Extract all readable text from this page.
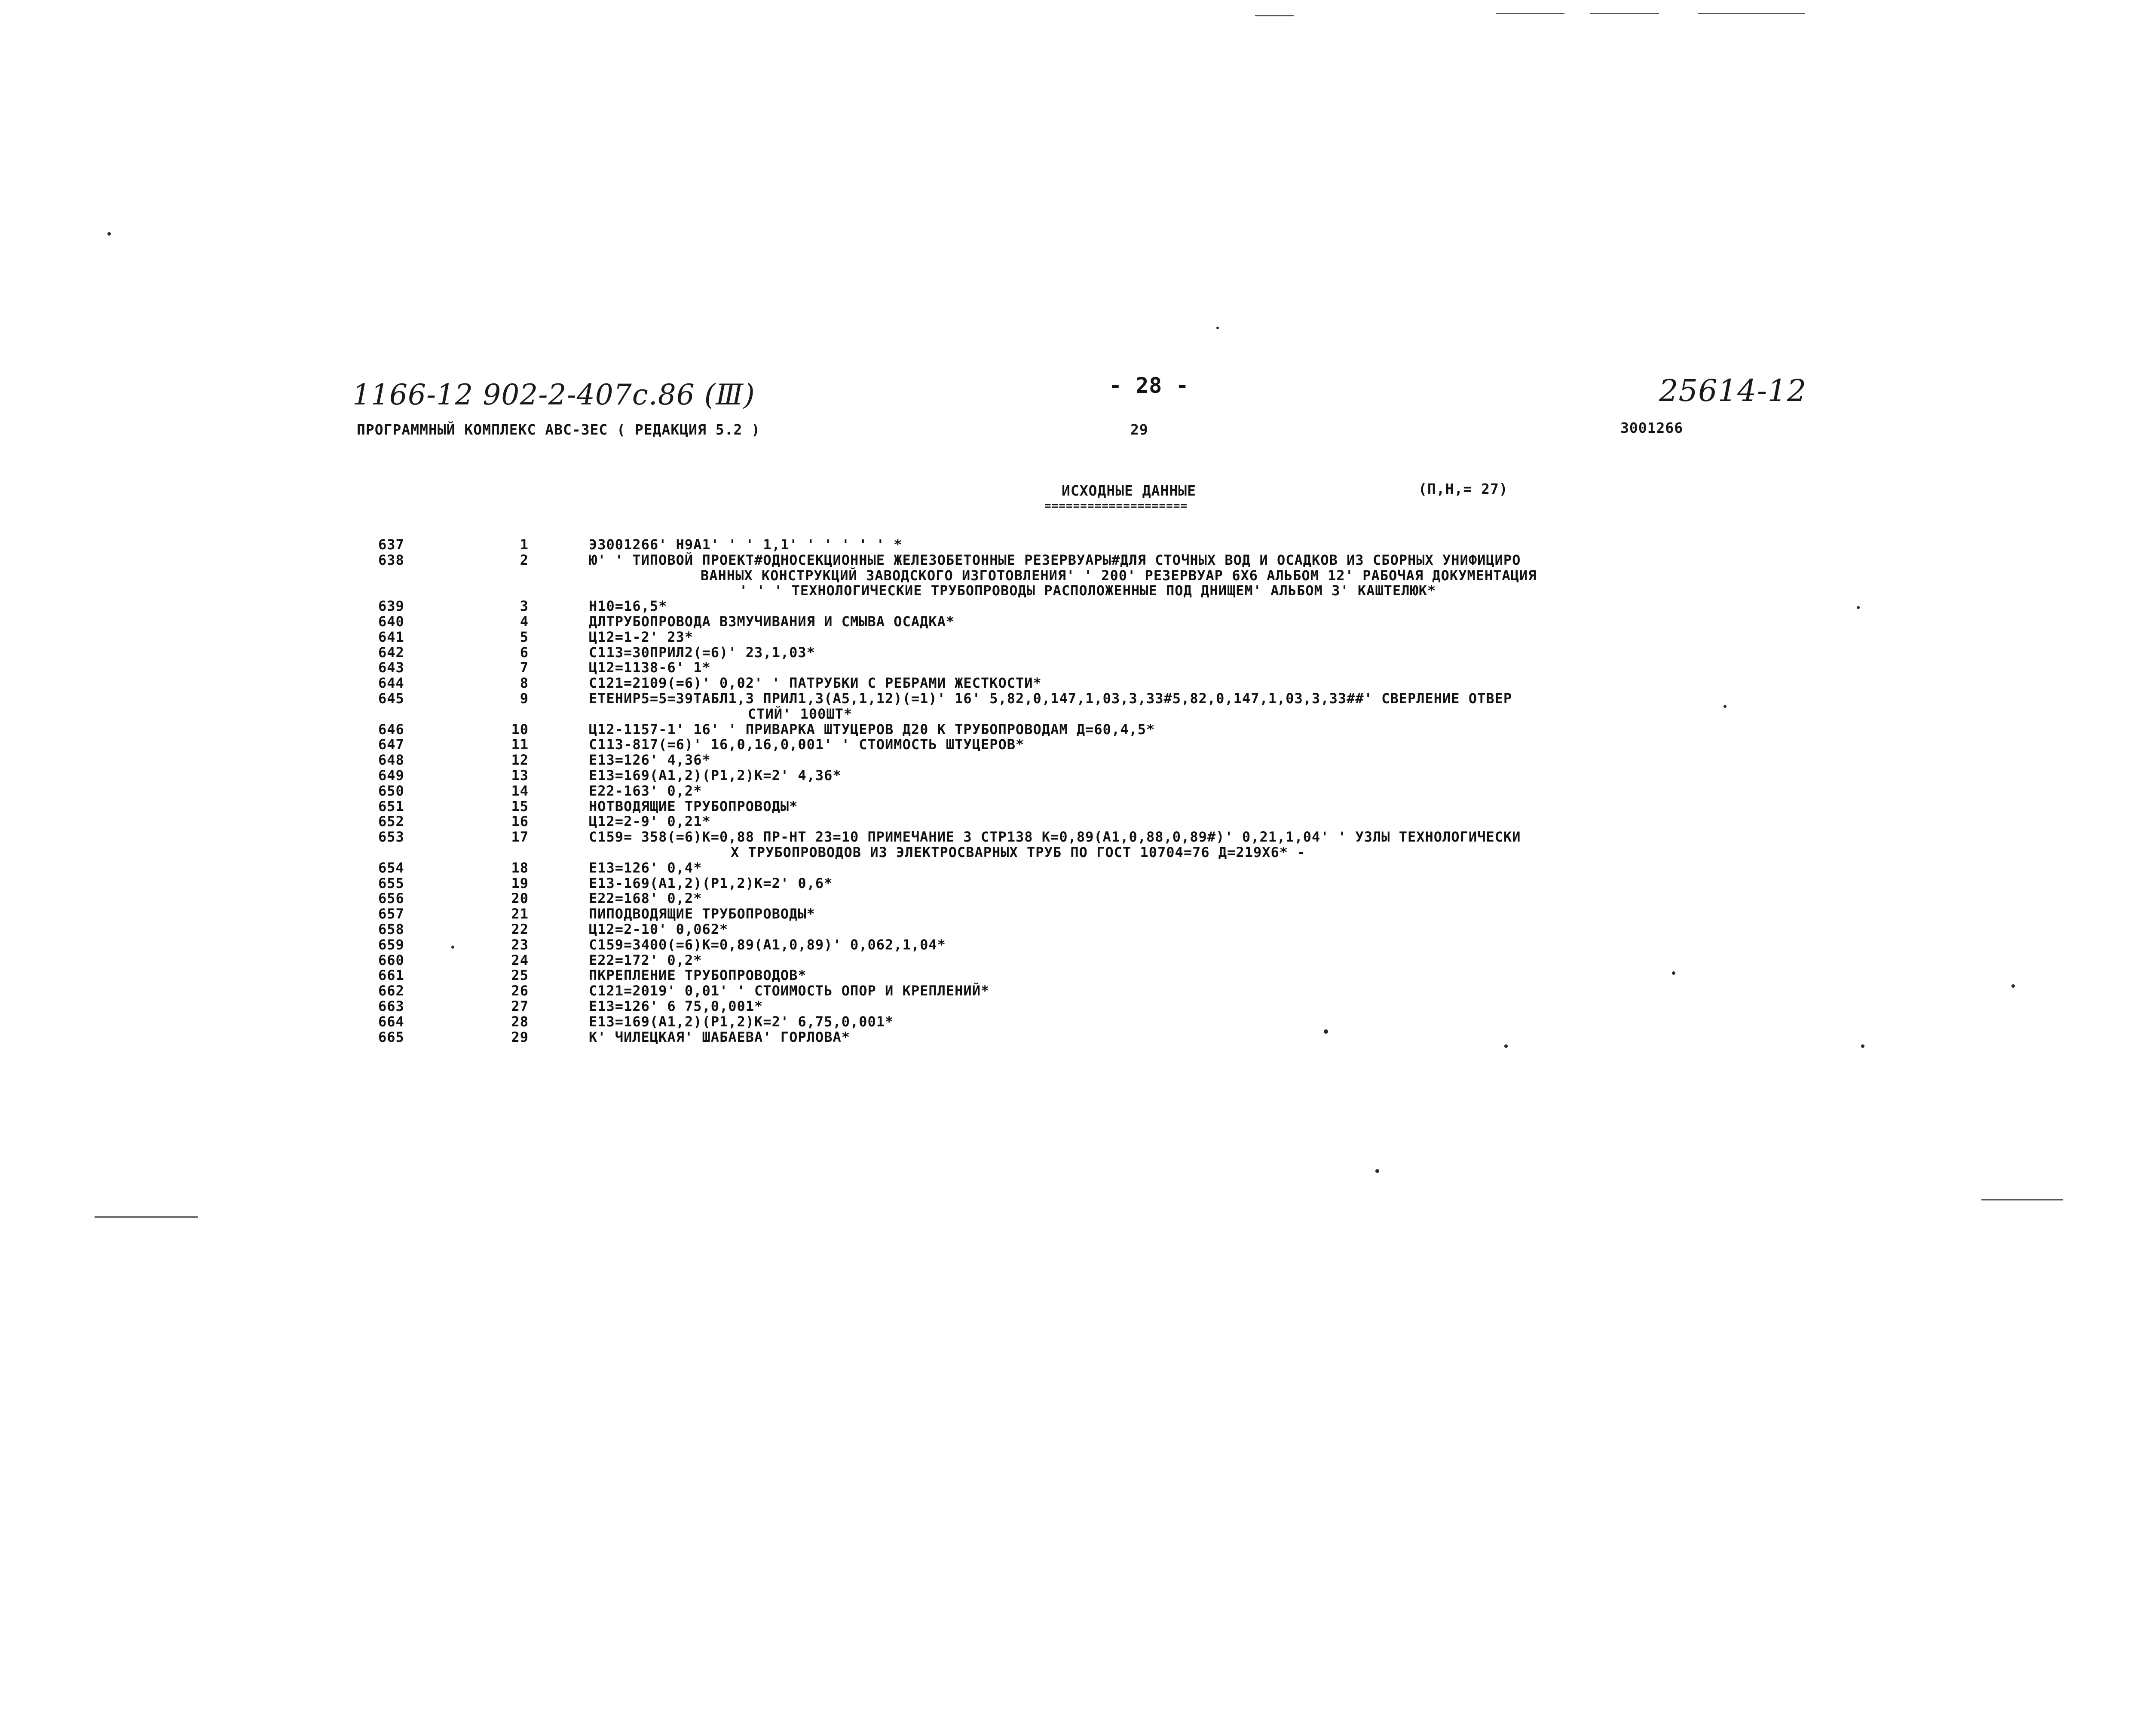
1166-12 902-2-407c.86 (Ⅲ)	- 28 -	25614-12
ПРОГРАММНЫЙ КОМПЛЕКС АВС-ЗЕС ( РЕДАКЦИЯ 5.2 )	29	3001266
ИСХОДНЫЕ ДАННЫЕ
====================
(П,Н,= 27)
637	1	ЭЗ001266' Н9А1' ' ' 1,1' ' ' ' ' ' *
638	2	Ю' ' ТИПОВОЙ ПРОЕКТ#ОДНОСЕКЦИОННЫЕ ЖЕЛЕЗОБЕТОННЫЕ РЕЗЕРВУАРЫ#ДЛЯ СТОЧНЫХ ВОД И ОСАДКОВ ИЗ СБОРНЫХ УНИФИЦИРО
ВАННЫХ КОНСТРУКЦИЙ ЗАВОДСКОГО ИЗГОТОВЛЕНИЯ' ' 200' РЕЗЕРВУАР 6Х6 АЛЬБОМ 12' РАБОЧАЯ ДОКУМЕНТАЦИЯ
' ' ' ТЕХНОЛОГИЧЕСКИЕ ТРУБОПРОВОДЫ РАСПОЛОЖЕННЫЕ ПОД ДНИЩЕМ' АЛЬБОМ 3' КАШТЕЛЮК*
639	3	Н10=16,5*
640	4	ДЛТРУБОПРОВОДА ВЗМУЧИВАНИЯ И СМЫВА ОСАДКА*
641	5	Ц12=1-2' 23*
642	6	С113=30ПРИЛ2(=6)' 23,1,03*
643	7	Ц12=1138-6' 1*
644	8	С121=2109(=6)' 0,02' ' ПАТРУБКИ С РЕБРАМИ ЖЕСТКОСТИ*
645	9	ЕТЕНИР5=5=39ТАБЛ1,3 ПРИЛ1,3(А5,1,12)(=1)' 16' 5,82,0,147,1,03,3,33#5,82,0,147,1,03,3,33##' СВЕРЛЕНИЕ ОТВЕР
СТИЙ' 100ШТ*
646	10	Ц12-1157-1' 16' ' ПРИВАРКА ШТУЦЕРОВ Д20 К ТРУБОПРОВОДАМ Д=60,4,5*
647	11	С113-817(=6)' 16,0,16,0,001' ' СТОИМОСТЬ ШТУЦЕРОВ*
648	12	Е13=126' 4,36*
649	13	Е13=169(А1,2)(Р1,2)К=2' 4,36*
650	14	Е22-163' 0,2*
651	15	НОТВОДЯЩИЕ ТРУБОПРОВОДЫ*
652	16	Ц12=2-9' 0,21*
653	17	С159= 358(=6)К=0,88 ПР-НТ 23=10 ПРИМЕЧАНИЕ 3 СТР138 К=0,89(А1,0,88,0,89#)' 0,21,1,04' ' УЗЛЫ ТЕХНОЛОГИЧЕСКИ
Х ТРУБОПРОВОДОВ ИЗ ЭЛЕКТРОСВАРНЫХ ТРУБ ПО ГОСТ 10704=76 Д=219Х6* -
654	18	Е13=126' 0,4*
655	19	Е13-169(А1,2)(Р1,2)К=2' 0,6*
656	20	Е22=168' 0,2*
657	21	ПИПОДВОДЯЩИЕ ТРУБОПРОВОДЫ*
658	22	Ц12=2-10' 0,062*
659	23	С159=3400(=6)К=0,89(А1,0,89)' 0,062,1,04*
660	24	Е22=172' 0,2*
661	25	ПКРЕПЛЕНИЕ ТРУБОПРОВОДОВ*
662	26	С121=2019' 0,01' ' СТОИМОСТЬ ОПОР И КРЕПЛЕНИЙ*
663	27	Е13=126' 6 75,0,001*
664	28	Е13=169(А1,2)(Р1,2)К=2' 6,75,0,001*
665	29	К' ЧИЛЕЦКАЯ' ШАБАЕВА' ГОРЛОВА*
